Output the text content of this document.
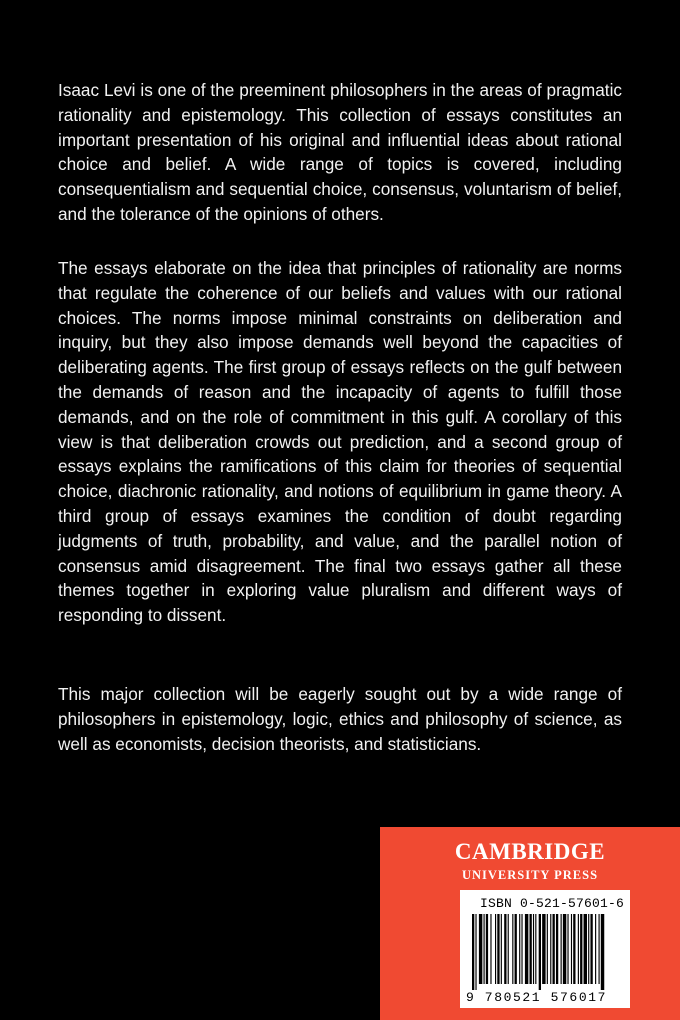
Isaac Levi is one of the preeminent philosophers in the areas of pragmatic rationality and epistemology. This collection of essays constitutes an important presentation of his original and influential ideas about rational choice and belief. A wide range of topics is covered, including consequentialism and sequential choice, consensus, voluntarism of belief, and the tolerance of the opinions of others.

The essays elaborate on the idea that principles of rationality are norms that regulate the coherence of our beliefs and values with our rational choices. The norms impose minimal constraints on deliberation and inquiry, but they also impose demands well beyond the capacities of deliberating agents. The first group of essays reflects on the gulf between the demands of reason and the incapacity of agents to fulfill those demands, and on the role of commitment in this gulf. A corollary of this view is that deliberation crowds out prediction, and a second group of essays explains the ramifications of this claim for theories of sequential choice, diachronic rationality, and notions of equilibrium in game theory. A third group of essays examines the condition of doubt regarding judgments of truth, probability, and value, and the parallel notion of consensus amid disagreement. The final two essays gather all these themes together in exploring value pluralism and different ways of responding to dissent.

This major collection will be eagerly sought out by a wide range of philosophers in epistemology, logic, ethics and philosophy of science, as well as economists, decision theorists, and statisticians.

CAMBRIDGE

UNIVERSITY PRESS

ISBN 0-521-57601-6

9 780521 576017
